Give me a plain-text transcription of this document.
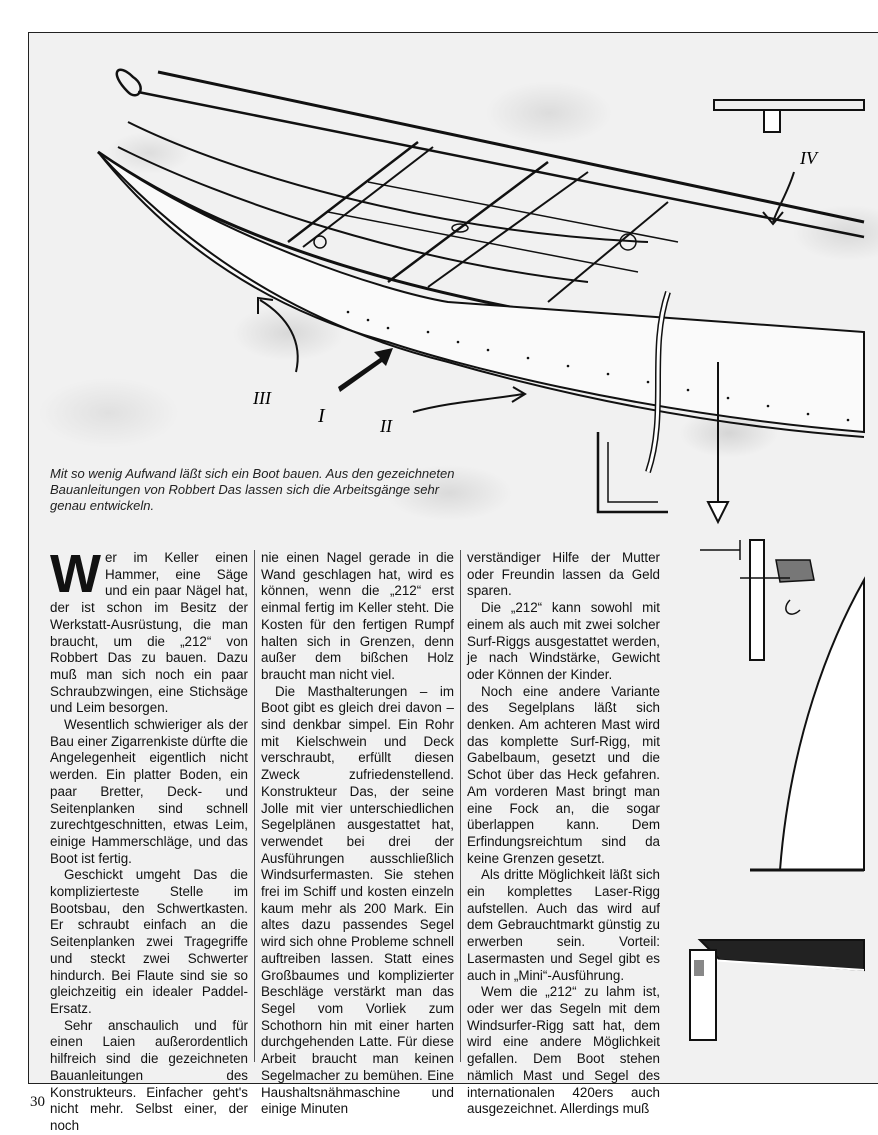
III
I	II
IV

Mit so wenig Aufwand läßt sich ein Boot bauen. Aus den gezeichneten Bauanleitungen von Robbert Das lassen sich die Arbeitsgänge sehr genau entwickeln.

Wer im Keller einen Hammer, eine Säge und ein paar Nägel hat, der ist schon im Besitz der Werkstatt-Ausrüstung, die man braucht, um die „212“ von Robbert Das zu bauen. Dazu muß man sich noch ein paar Schraubzwingen, eine Stichsäge und Leim besorgen.

Wesentlich schwieriger als der Bau einer Zigarrenkiste dürfte die Angelegenheit eigentlich nicht werden. Ein platter Boden, ein paar Bretter, Deck- und Seitenplanken sind schnell zurechtgeschnitten, etwas Leim, einige Hammerschläge, und das Boot ist fertig.

Geschickt umgeht Das die komplizierteste Stelle im Bootsbau, den Schwertkasten. Er schraubt einfach an die Seitenplanken zwei Tragegriffe und steckt zwei Schwerter hindurch. Bei Flaute sind sie so gleichzeitig ein idealer Paddel-Ersatz.

Sehr anschaulich und für einen Laien außerordentlich hilfreich sind die gezeichneten Bauanleitungen des Konstrukteurs. Einfacher geht's nicht mehr. Selbst einer, der noch

nie einen Nagel gerade in die Wand geschlagen hat, wird es können, wenn die „212“ erst einmal fertig im Keller steht. Die Kosten für den fertigen Rumpf halten sich in Grenzen, denn außer dem bißchen Holz braucht man nicht viel.

Die Masthalterungen – im Boot gibt es gleich drei davon – sind denkbar simpel. Ein Rohr mit Kielschwein und Deck verschraubt, erfüllt diesen Zweck zufriedenstellend. Konstrukteur Das, der seine Jolle mit vier unterschiedlichen Segelplänen ausgestattet hat, verwendet bei drei der Ausführungen ausschließlich Windsurfermasten. Sie stehen frei im Schiff und kosten einzeln kaum mehr als 200 Mark. Ein altes dazu passendes Segel wird sich ohne Probleme schnell auftreiben lassen. Statt eines Großbaumes und komplizierter Beschläge verstärkt man das Segel vom Vorliek zum Schothorn hin mit einer harten durchgehenden Latte. Für diese Arbeit braucht man keinen Segelmacher zu bemühen. Eine Haushaltsnähmaschine und einige Minuten

verständiger Hilfe der Mutter oder Freundin lassen da Geld sparen.

Die „212“ kann sowohl mit einem als auch mit zwei solcher Surf-Riggs ausgestattet werden, je nach Windstärke, Gewicht oder Können der Kinder.

Noch eine andere Variante des Segelplans läßt sich denken. Am achteren Mast wird das komplette Surf-Rigg, mit Gabelbaum, gesetzt und die Schot über das Heck gefahren. Am vorderen Mast bringt man eine Fock an, die sogar überlappen kann. Dem Erfindungsreichtum sind da keine Grenzen gesetzt.

Als dritte Möglichkeit läßt sich ein komplettes Laser-Rigg aufstellen. Auch das wird auf dem Gebrauchtmarkt günstig zu erwerben sein. Vorteil: Lasermasten und Segel gibt es auch in „Mini“-Ausführung.

Wem die „212“ zu lahm ist, oder wer das Segeln mit dem Windsurfer-Rigg satt hat, dem wird eine andere Möglichkeit gefallen. Dem Boot stehen nämlich Mast und Segel des internationalen 420ers auch ausgezeichnet. Allerdings muß

30
